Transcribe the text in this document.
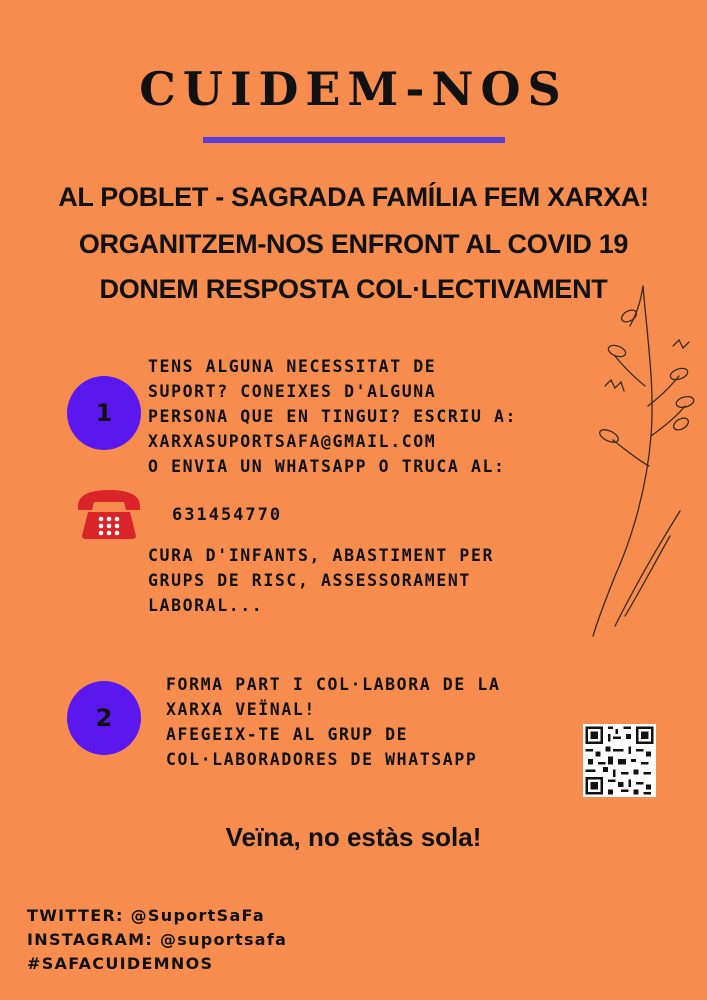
CUIDEM-NOS
AL POBLET - SAGRADA FAMÍLIA FEM XARXA!
ORGANITZEM-NOS ENFRONT AL COVID 19
DONEM RESPOSTA COL·LECTIVAMENT
1
TENS ALGUNA NECESSITAT DE
SUPORT? CONEIXES D'ALGUNA
PERSONA QUE EN TINGUI? ESCRIU A:
XARXASUPORTSAFA@GMAIL.COM
O ENVIA UN WHATSAPP O TRUCA AL:
631454770
CURA D'INFANTS, ABASTIMENT PER
GRUPS DE RISC, ASSESSORAMENT
LABORAL...
2
FORMA PART I COL·LABORA DE LA
XARXA VEÏNAL!
AFEGEIX-TE AL GRUP DE
COL·LABORADORES DE WHATSAPP
Veïna, no estàs sola!
TWITTER: @SuportSaFa
INSTAGRAM: @suportsafa
#SAFACUIDEMNOS
